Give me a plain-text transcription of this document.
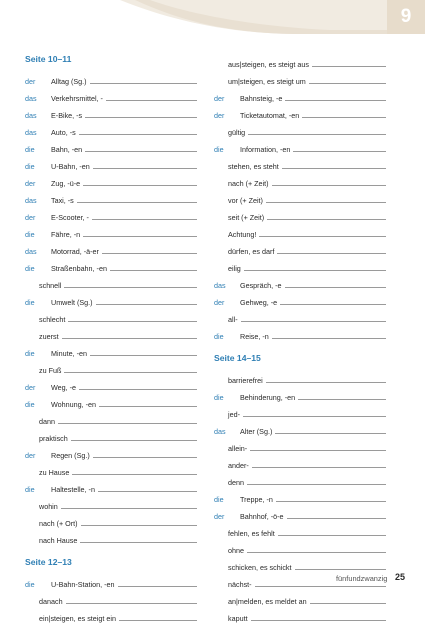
9
Seite 10–11
der	Alltag (Sg.)
das	Verkehrsmittel, -
das	E-Bike, -s
das	Auto, -s
die	Bahn, -en
die	U-Bahn, -en
der	Zug, -ü-e
das	Taxi, -s
der	E-Scooter, -
die	Fähre, -n
das	Motorrad, -ä-er
die	Straßenbahn, -en
schnell
die	Umwelt (Sg.)
schlecht
zuerst
die	Minute, -en
zu Fuß
der	Weg, -e
die	Wohnung, -en
dann
praktisch
der	Regen (Sg.)
zu Hause
die	Haltestelle, -n
wohin
nach (+ Ort)
nach Hause
Seite 12–13
die	U-Bahn-Station, -en
danach
ein|steigen, es steigt ein
aus|steigen, es steigt aus
um|steigen, es steigt um
der	Bahnsteig, -e
der	Ticketautomat, -en
gültig
die	Information, -en
stehen, es steht
nach (+ Zeit)
vor (+ Zeit)
seit (+ Zeit)
Achtung!
dürfen, es darf
eilig
das	Gespräch, -e
der	Gehweg, -e
all-
die	Reise, -n
Seite 14–15
barrierefrei
die	Behinderung, -en
jed-
das	Alter (Sg.)
allein-
ander-
denn
die	Treppe, -n
der	Bahnhof, -ö-e
fehlen, es fehlt
ohne
schicken, es schickt
nächst-
an|melden, es meldet an
kaputt
fünfundzwanzig 25
